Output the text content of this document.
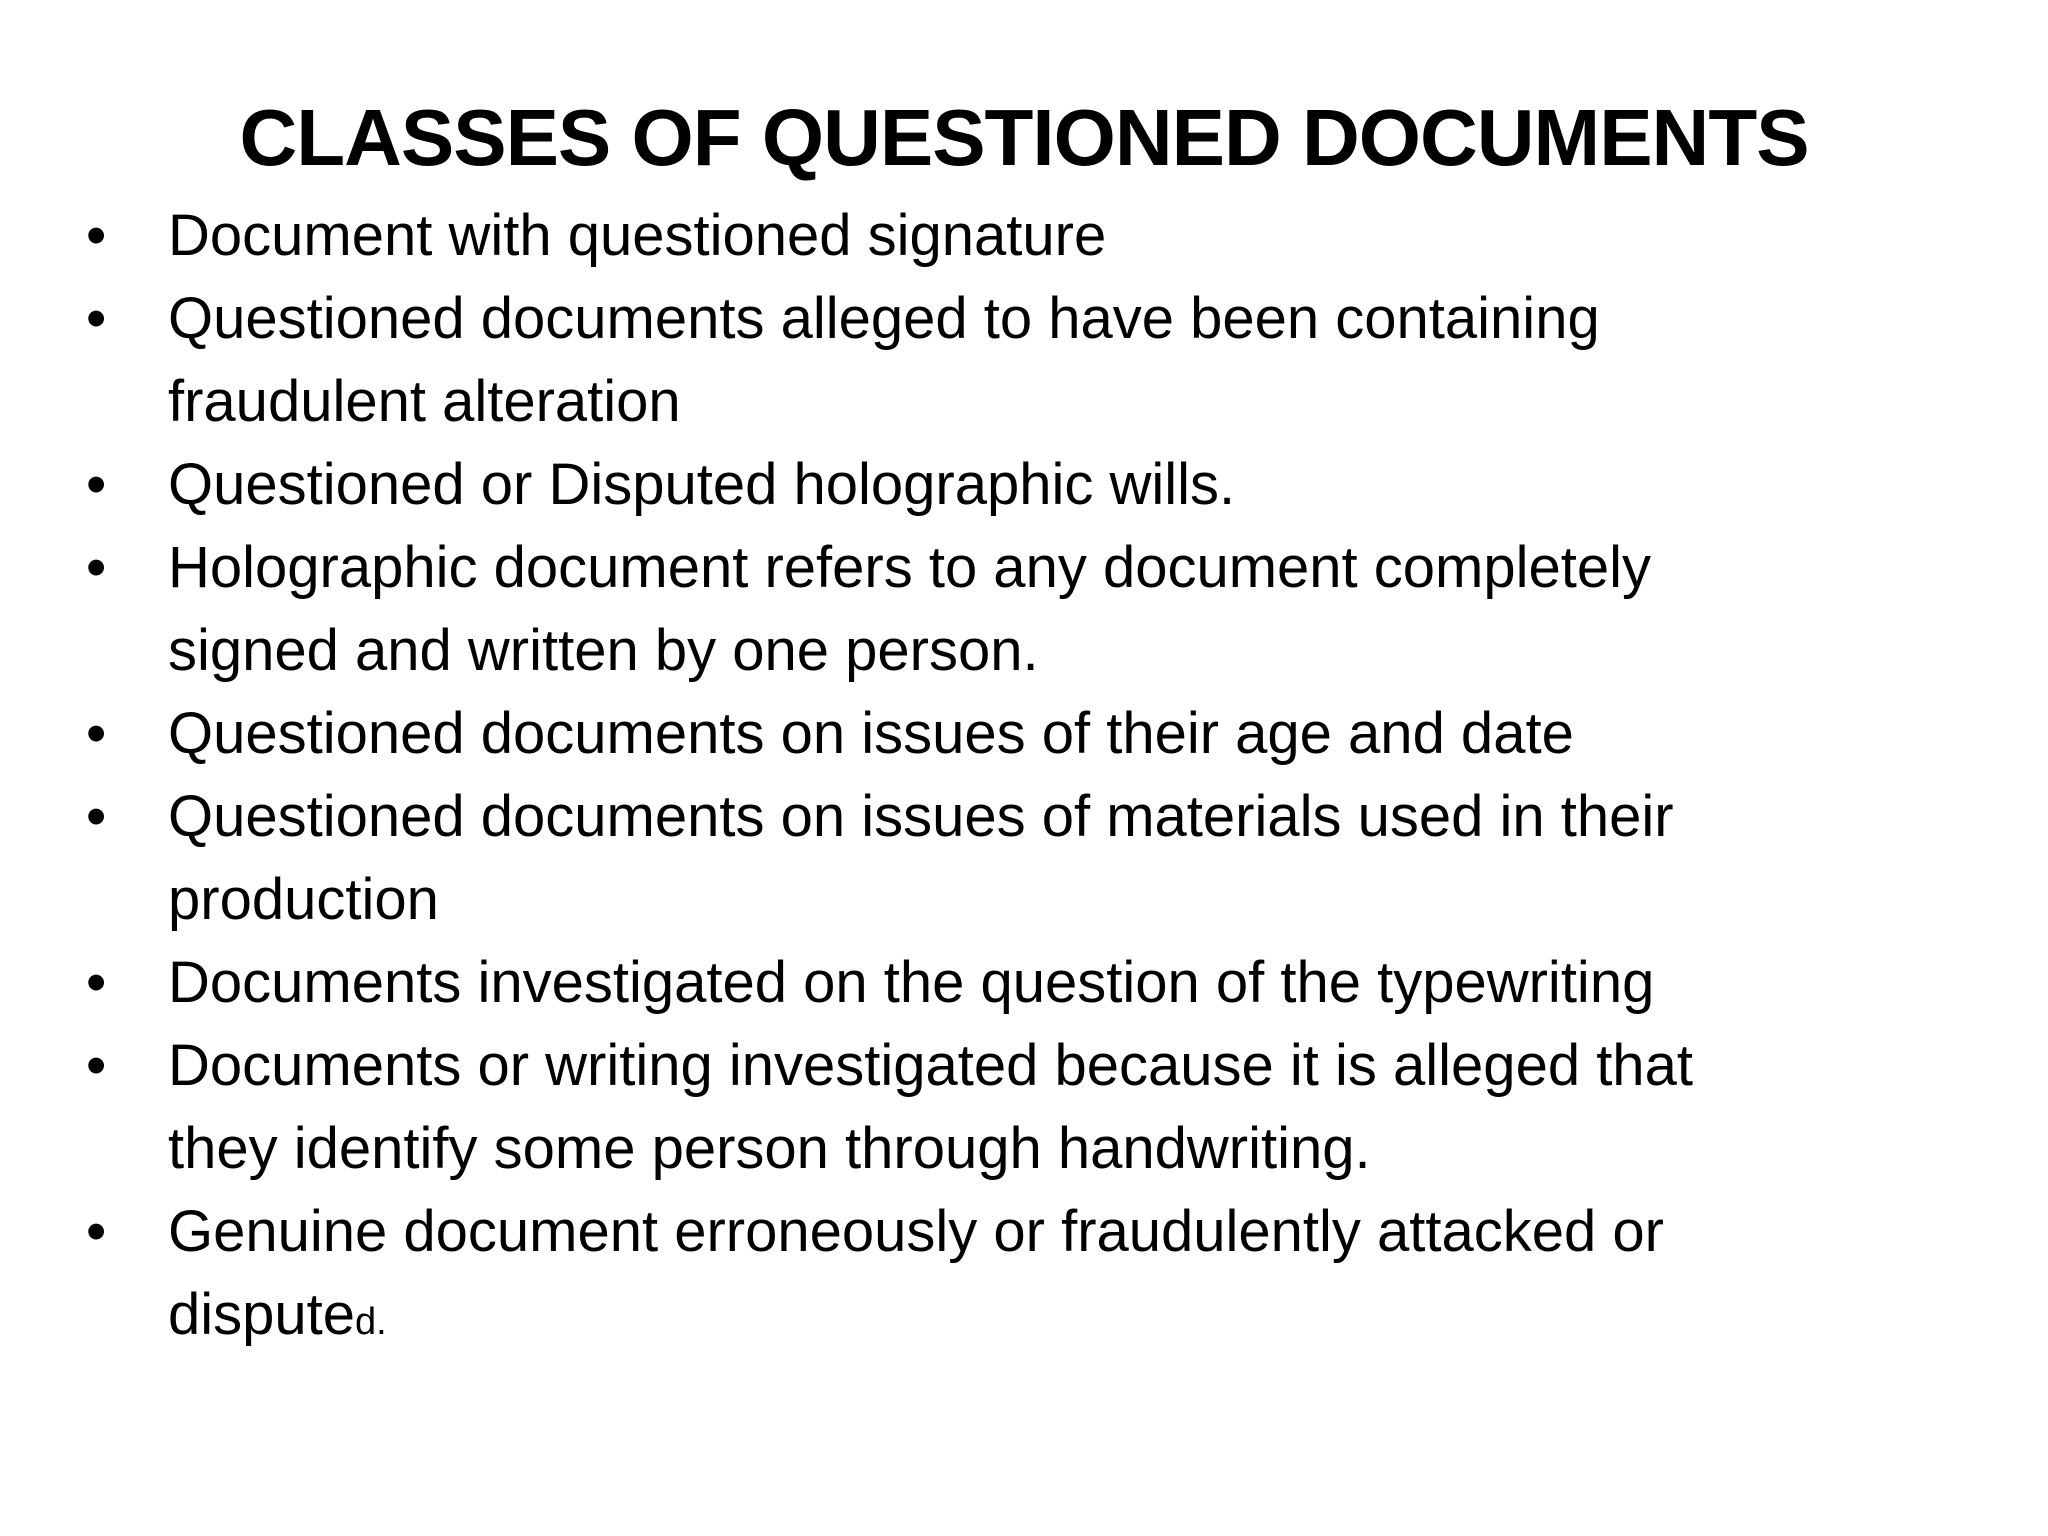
CLASSES OF QUESTIONED DOCUMENTS
•	Document with questioned signature
•	Questioned documents alleged to have been containing
fraudulent alteration
•	Questioned or Disputed holographic wills.
•	Holographic document refers to any document completely
signed and written by one person.
•	Questioned documents on issues of their age and date
•	Questioned documents on issues of materials used in their
production
•	Documents investigated on the question of the typewriting
•	Documents or writing investigated because it is alleged that
they identify some person through handwriting.
•	Genuine document erroneously or fraudulently attacked or
disputed.
